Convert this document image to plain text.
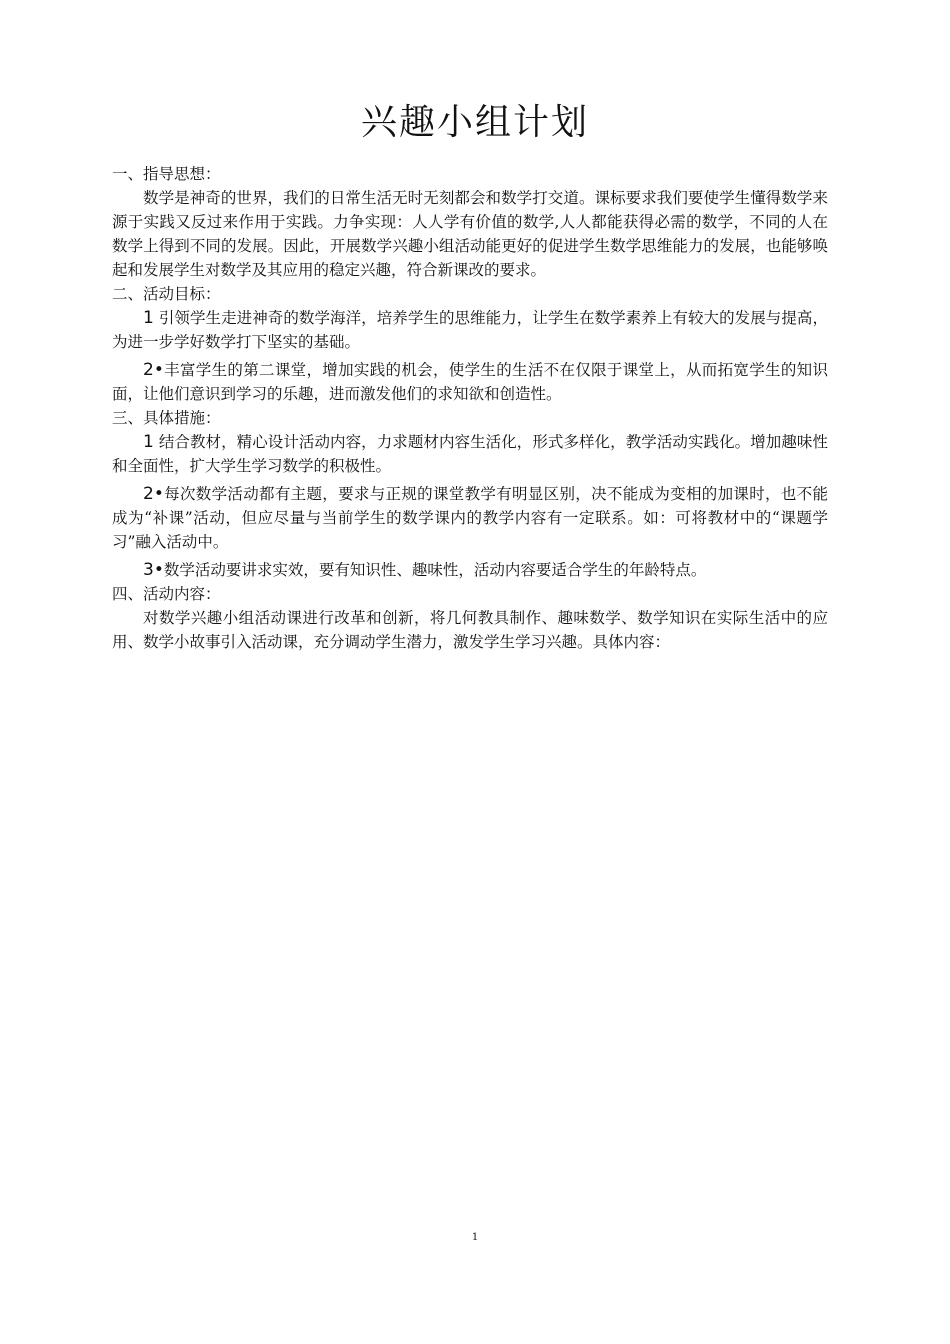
兴趣小组计划
一、指导思想：

数学是神奇的世界，我们的日常生活无时无刻都会和数学打交道。课标要求我们要使学生懂得数学来源于实践又反过来作用于实践。力争实现：人人学有价值的数学,人人都能获得必需的数学，不同的人在数学上得到不同的发展。因此，开展数学兴趣小组活动能更好的促进学生数学思维能力的发展，也能够唤起和发展学生对数学及其应用的稳定兴趣，符合新课改的要求。

二、活动目标：

1 引领学生走进神奇的数学海洋，培养学生的思维能力，让学生在数学素养上有较大的发展与提高，为进一步学好数学打下坚实的基础。

2•丰富学生的第二课堂，增加实践的机会，使学生的生活不在仅限于课堂上，从而拓宽学生的知识面，让他们意识到学习的乐趣，进而激发他们的求知欲和创造性。

三、具体措施：

1 结合教材，精心设计活动内容，力求题材内容生活化，形式多样化，教学活动实践化。增加趣味性和全面性，扩大学生学习数学的积极性。

2•每次数学活动都有主题，要求与正规的课堂教学有明显区别，决不能成为变相的加课时，也不能成为“补课”活动，但应尽量与当前学生的数学课内的教学内容有一定联系。如：可将教材中的“课题学习”融入活动中。

3•数学活动要讲求实效，要有知识性、趣味性，活动内容要适合学生的年龄特点。

四、活动内容：

对数学兴趣小组活动课进行改革和创新，将几何教具制作、趣味数学、数学知识在实际生活中的应用、数学小故事引入活动课，充分调动学生潜力，激发学生学习兴趣。具体内容：

1
